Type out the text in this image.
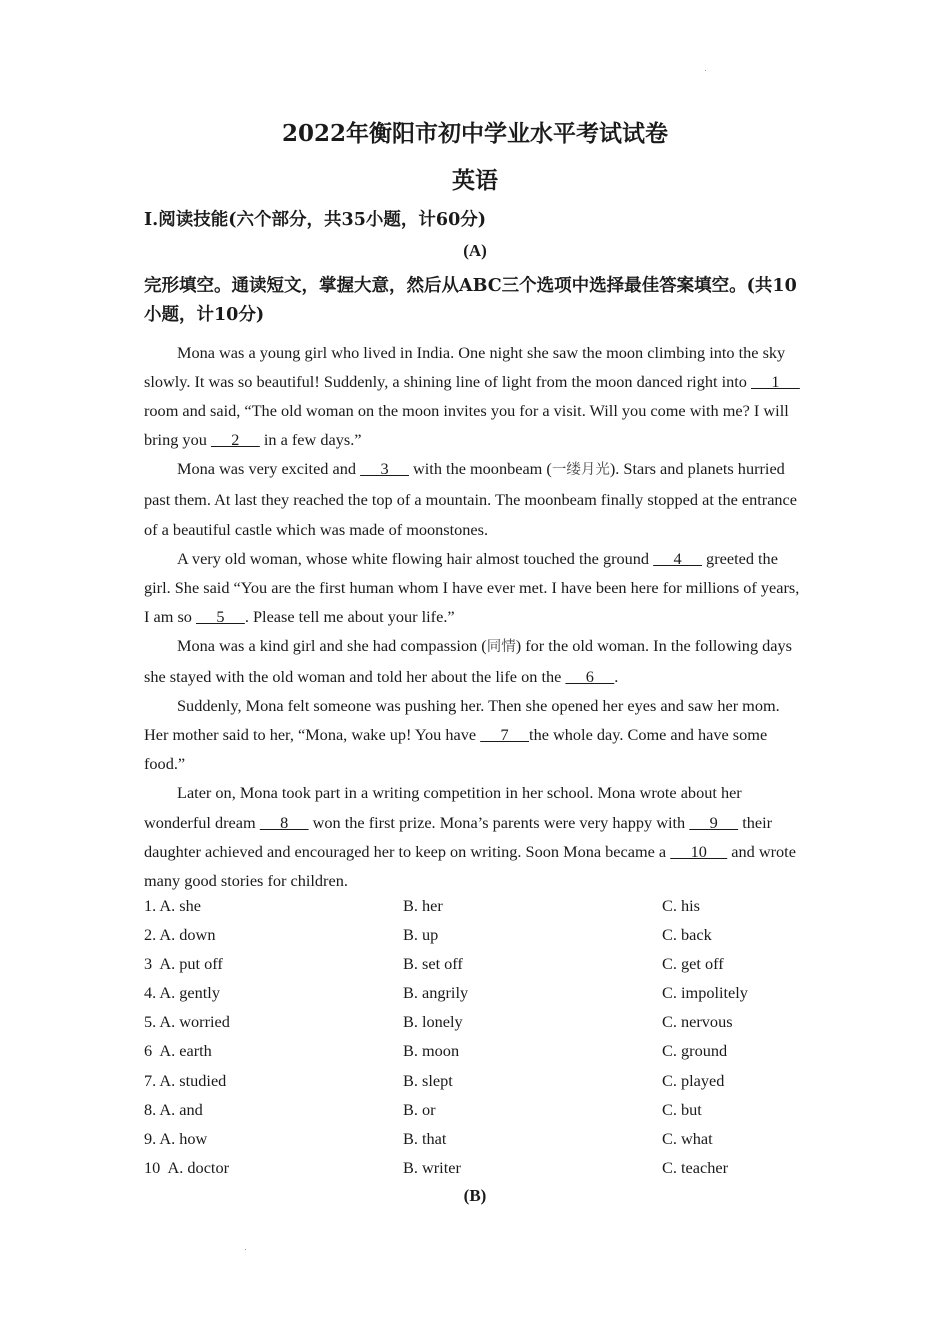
2022年衡阳市初中学业水平考试试卷
英语
I.阅读技能(六个部分，共35小题，计60分)
(A)
完形填空。通读短文，掌握大意，然后从ABC三个选项中选择最佳答案填空。(共10小题，计10分)

Mona was a young girl who lived in India. One night she saw the moon climbing into the sky slowly. It was so beautiful! Suddenly, a shining line of light from the moon danced right into      1      room and said, “The old woman on the moon invites you for a visit. Will you come with me? I will bring you      2      in a few days.”

Mona was very excited and      3      with the moonbeam (一缕月光). Stars and planets hurried past them. At last they reached the top of a mountain. The moonbeam finally stopped at the entrance of a beautiful castle which was made of moonstones.

A very old woman, whose white flowing hair almost touched the ground      4      greeted the girl. She said “You are the first human whom I have ever met. I have been here for millions of years, I am so      5     . Please tell me about your life.”

Mona was a kind girl and she had compassion (同情) for the old woman. In the following days she stayed with the old woman and told her about the life on the      6     .

Suddenly, Mona felt someone was pushing her. Then she opened her eyes and saw her mom. Her mother said to her, “Mona, wake up! You have      7     the whole day. Come and have some food.”

Later on, Mona took part in a writing competition in her school. Mona wrote about her wonderful dream      8      won the first prize. Mona’s parents were very happy with      9      their daughter achieved and encouraged her to keep on writing. Soon Mona became a      10      and wrote many good stories for children.

1. A. she	B. her	C. his
2. A. down	B. up	C. back
3  A. put off	B. set off	C. get off
4. A. gently	B. angrily	C. impolitely
5. A. worried	B. lonely	C. nervous
6  A. earth	B. moon	C. ground
7. A. studied	B. slept	C. played
8. A. and	B. or	C. but
9. A. how	B. that	C. what
10  A. doctor	B. writer	C. teacher
(B)
